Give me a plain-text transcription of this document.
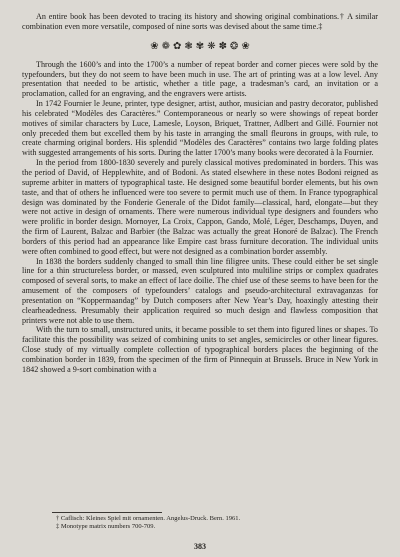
An entire book has been devoted to tracing its history and showing original combinations.† A similar combination even more versatile, composed of nine sorts was devised about the same time.‡

❀ ❁ ✿ ❃ ✾ ❋ ✽ ❂ ❀

Through the 1600’s and into the 1700’s a number of repeat border and corner pieces were sold by the typefounders, but they do not seem to have been much in use. The art of printing was at a low level. Any presentation that needed to be artistic, whether a title page, a tradesman’s card, an invitation or a proclamation, called for an engraving, and the engravers were artists.

In 1742 Fournier le Jeune, printer, type designer, artist, author, musician and pastry decorator, published his celebrated “Modèles des Caractères.” Contemporaneous or nearly so were showings of repeat border motives of similar characters by Luce, Lamesle, Loyson, Briquet, Trattner, Adlbert and Gillé. Fournier not only preceded them but excelled them by his taste in arranging the small fleurons in groups, with rule, to create charming original borders. His splendid “Modèles des Caractères” contains two large folding plates with suggested arrangements of his sorts. During the latter 1700’s many books were decorated à la Fournier.

In the period from 1800-1830 severely and purely classical motives predominated in borders. This was the period of David, of Hepplewhite, and of Bodoni. As stated elsewhere in these notes Bodoni reigned as supreme arbiter in matters of typographical taste. He designed some beautiful border elements, but his own taste, and that of others he influenced were too severe to permit much use of them. In France typographical design was dominated by the Fonderie Generale of the Didot family—classical, hard, elongate—but they were not active in design of ornaments. There were numerous individual type designers and founders who were prolific in border design. Mornoyer, La Croix, Cappon, Gando, Molé, Léger, Deschamps, Duyen, and the firm of Laurent, Balzac and Barbier (the Balzac was actually the great Honoré de Balzac). The French borders of this period had an appearance like Empire cast brass furniture decoration. The individual units were often combined to good effect, but were not designed as a combination border assembly.

In 1838 the borders suddenly changed to small thin line filigree units. These could either be set single line for a thin structureless border, or massed, even sculptured into multiline strips or complex quadrates composed of several sorts, to make an effect of lace doilie. The chief use of these seems to have been for the amusement of the composers of typefounders’ catalogs and pseudo-architectural extravaganzas for presentation on “Koppermaandag” by Dutch composers after New Year’s Day, hoaxingly attesting their clearheadedness. Presumably their application required so much design and flawless composition that printers were not able to use them.

With the turn to small, unstructured units, it became possible to set them into figured lines or shapes. To facilitate this the possibility was seized of combining units to set angles, semicircles or other linear figures. Close study of my virtually complete collection of typographical borders places the beginning of the combination border in 1839, from the specimen of the firm of Pinnequin at Brussels. Bruce in New York in 1842 showed a 9-sort combination with a

† Caflisch: Kleines Spiel mit ornamenten. Angelus-Druck. Bern. 1961.

‡ Monotype matrix numbers 700-709.

383
